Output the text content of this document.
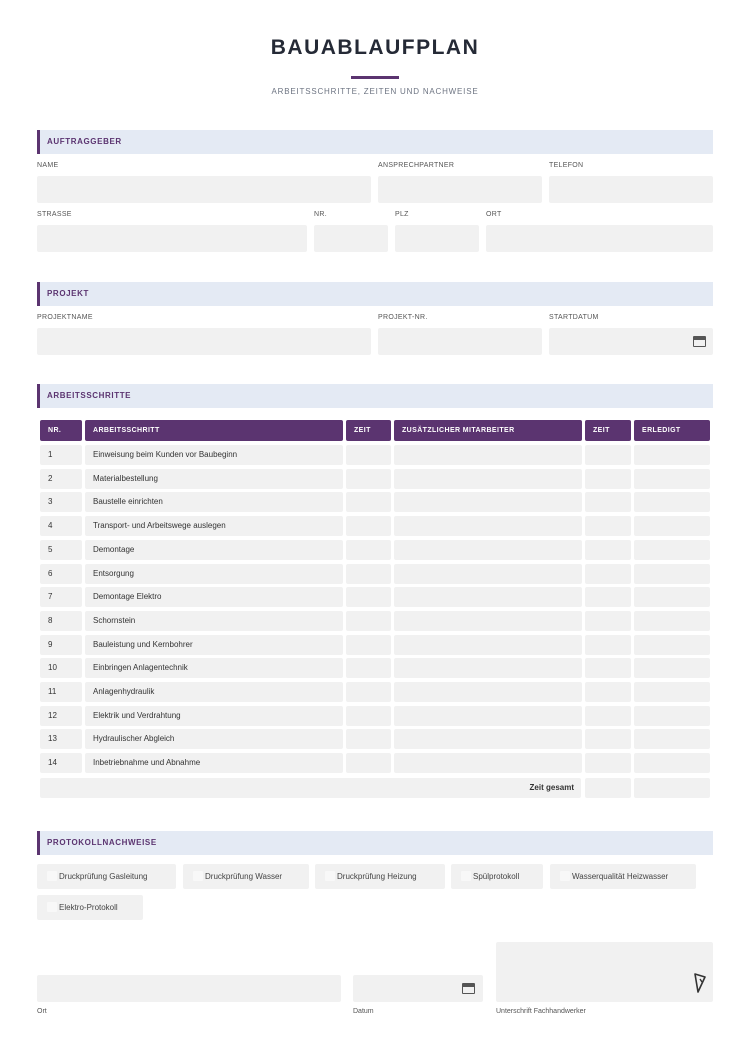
BAUABLAUFPLAN
ARBEITSSCHRITTE, ZEITEN UND NACHWEISE
AUFTRAGGEBER
NAME	ANSPRECHPARTNER	TELEFON
STRASSE	NR.	PLZ	ORT
PROJEKT
PROJEKTNAME	PROJEKT-NR.	STARTDATUM
ARBEITSSCHRITTE
NR.	ARBEITSSCHRITT	ZEIT	ZUSÄTZLICHER MITARBEITER	ZEIT	ERLEDIGT
1	Einweisung beim Kunden vor Baubeginn
2	Materialbestellung
3	Baustelle einrichten
4	Transport- und Arbeitswege auslegen
5	Demontage
6	Entsorgung
7	Demontage Elektro
8	Schornstein
9	Bauleistung und Kernbohrer
10	Einbringen Anlagentechnik
11	Anlagenhydraulik
12	Elektrik und Verdrahtung
13	Hydraulischer Abgleich
14	Inbetriebnahme und Abnahme
Zeit gesamt
PROTOKOLLNACHWEISE
Druckprüfung Gasleitung	Druckprüfung Wasser	Druckprüfung Heizung	Spülprotokoll	Wasserqualität Heizwasser
Elektro-Protokoll
Ort	Datum	Unterschrift Fachhandwerker
